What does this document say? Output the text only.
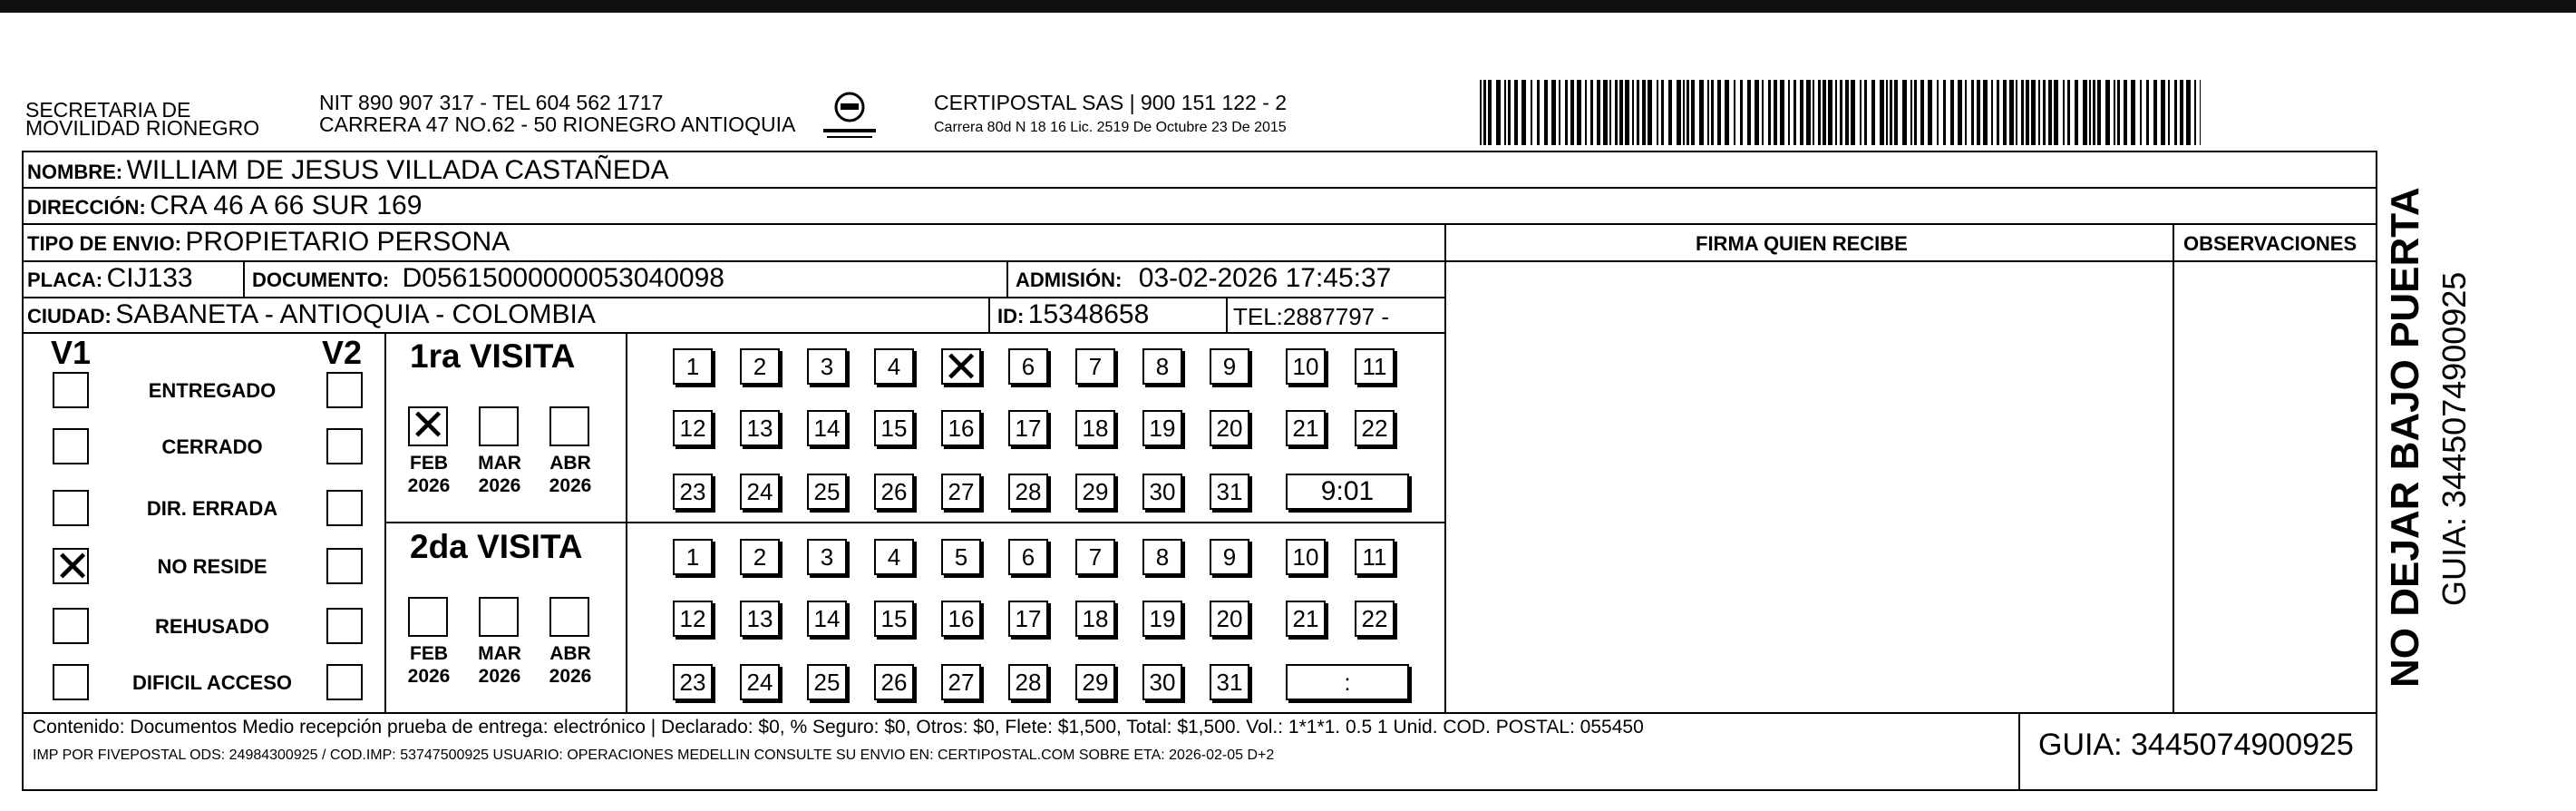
SECRETARIA DE
MOVILIDAD RIONEGRO
NIT 890 907 317 - TEL 604 562 1717
CARRERA 47 NO.62 - 50 RIONEGRO ANTIOQUIA
CERTIPOSTAL SAS | 900 151 122 - 2
Carrera 80d N 18 16 Lic. 2519 De Octubre 23 De 2015
NOMBRE: WILLIAM DE JESUS VILLADA CASTAÑEDA
DIRECCIÓN: CRA 46 A 66 SUR 169
TIPO DE ENVIO: PROPIETARIO PERSONA	FIRMA QUIEN RECIBE	OBSERVACIONES
PLACA: CIJ133	DOCUMENTO: D05615000000053040098	ADMISIÓN: 03-02-2026 17:45:37
CIUDAD: SABANETA - ANTIOQUIA - COLOMBIA	ID: 15348658	TEL:2887797 -
V1	V2
ENTREGADO
CERRADO
DIR. ERRADA
✕	NO RESIDE
REHUSADO
DIFICIL ACCESO
1ra VISITA
2da VISITA
✕
FEB
2026
MAR
2026
ABR
2026
1	2	3	4 ✕	6	7	8	9	10	11
12 13 14 15 16 17 18 19 20 21 22
23 24 25 26 27 28 29 30 31	9:01
FEB
2026
MAR
2026
ABR
2026
1	2	3	4	5	6	7	8	9	10	11
12 13 14 15 16 17 18 19 20 21 22
23 24 25 26 27 28 29 30 31	:	NO DEJAR BAJO PUERTA GUIA: 3445074900925
Contenido: Documentos Medio recepción prueba de entrega: electrónico | Declarado: $0, % Seguro: $0, Otros: $0, Flete: $1,500, Total: $1,500. Vol.: 1*1*1. 0.5 1 Unid. COD. POSTAL: 055450
IMP POR FIVEPOSTAL ODS: 24984300925 / COD.IMP: 53747500925 USUARIO: OPERACIONES MEDELLIN CONSULTE SU ENVIO EN: CERTIPOSTAL.COM SOBRE ETA: 2026-02-05 D+2	GUIA: 3445074900925
